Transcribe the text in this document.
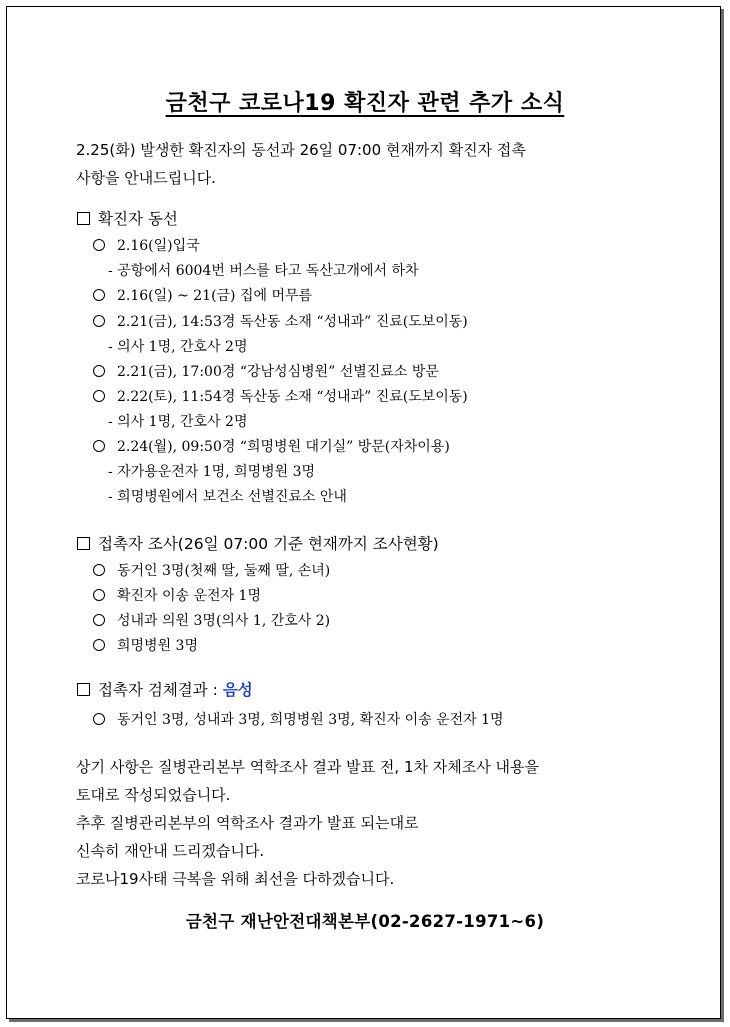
금천구 코로나19 확진자 관련 추가 소식
2.25(화) 발생한 확진자의 동선과 26일 07:00 현재까지 확진자 접촉
사항을 안내드립니다.
확진자 동선
2.16(일)입국
- 공항에서 6004번 버스를 타고 독산고개에서 하차
2.16(일) ~ 21(금) 집에 머무름
2.21(금), 14:53경 독산동 소재 “성내과” 진료(도보이동)
- 의사 1명, 간호사 2명
2.21(금), 17:00경 “강남성심병원” 선별진료소 방문
2.22(토), 11:54경 독산동 소재 “성내과” 진료(도보이동)
- 의사 1명, 간호사 2명
2.24(월), 09:50경 “희명병원 대기실” 방문(자차이용)
- 자가용운전자 1명, 희명병원 3명
- 희명병원에서 보건소 선별진료소 안내
접촉자 조사(26일 07:00 기준 현재까지 조사현황)
동거인 3명(첫째 딸, 둘째 딸, 손녀)
확진자 이송 운전자 1명
성내과 의원 3명(의사 1, 간호사 2)
희명병원 3명
접촉자 검체결과 : 음성
동거인 3명, 성내과 3명, 희명병원 3명, 확진자 이송 운전자 1명
상기 사항은 질병관리본부 역학조사 결과 발표 전, 1차 자체조사 내용을
토대로 작성되었습니다.
추후 질병관리본부의 역학조사 결과가 발표 되는대로
신속히 재안내 드리겠습니다.
코로나19사태 극복을 위해 최선을 다하겠습니다.
금천구 재난안전대책본부(02-2627-1971~6)
